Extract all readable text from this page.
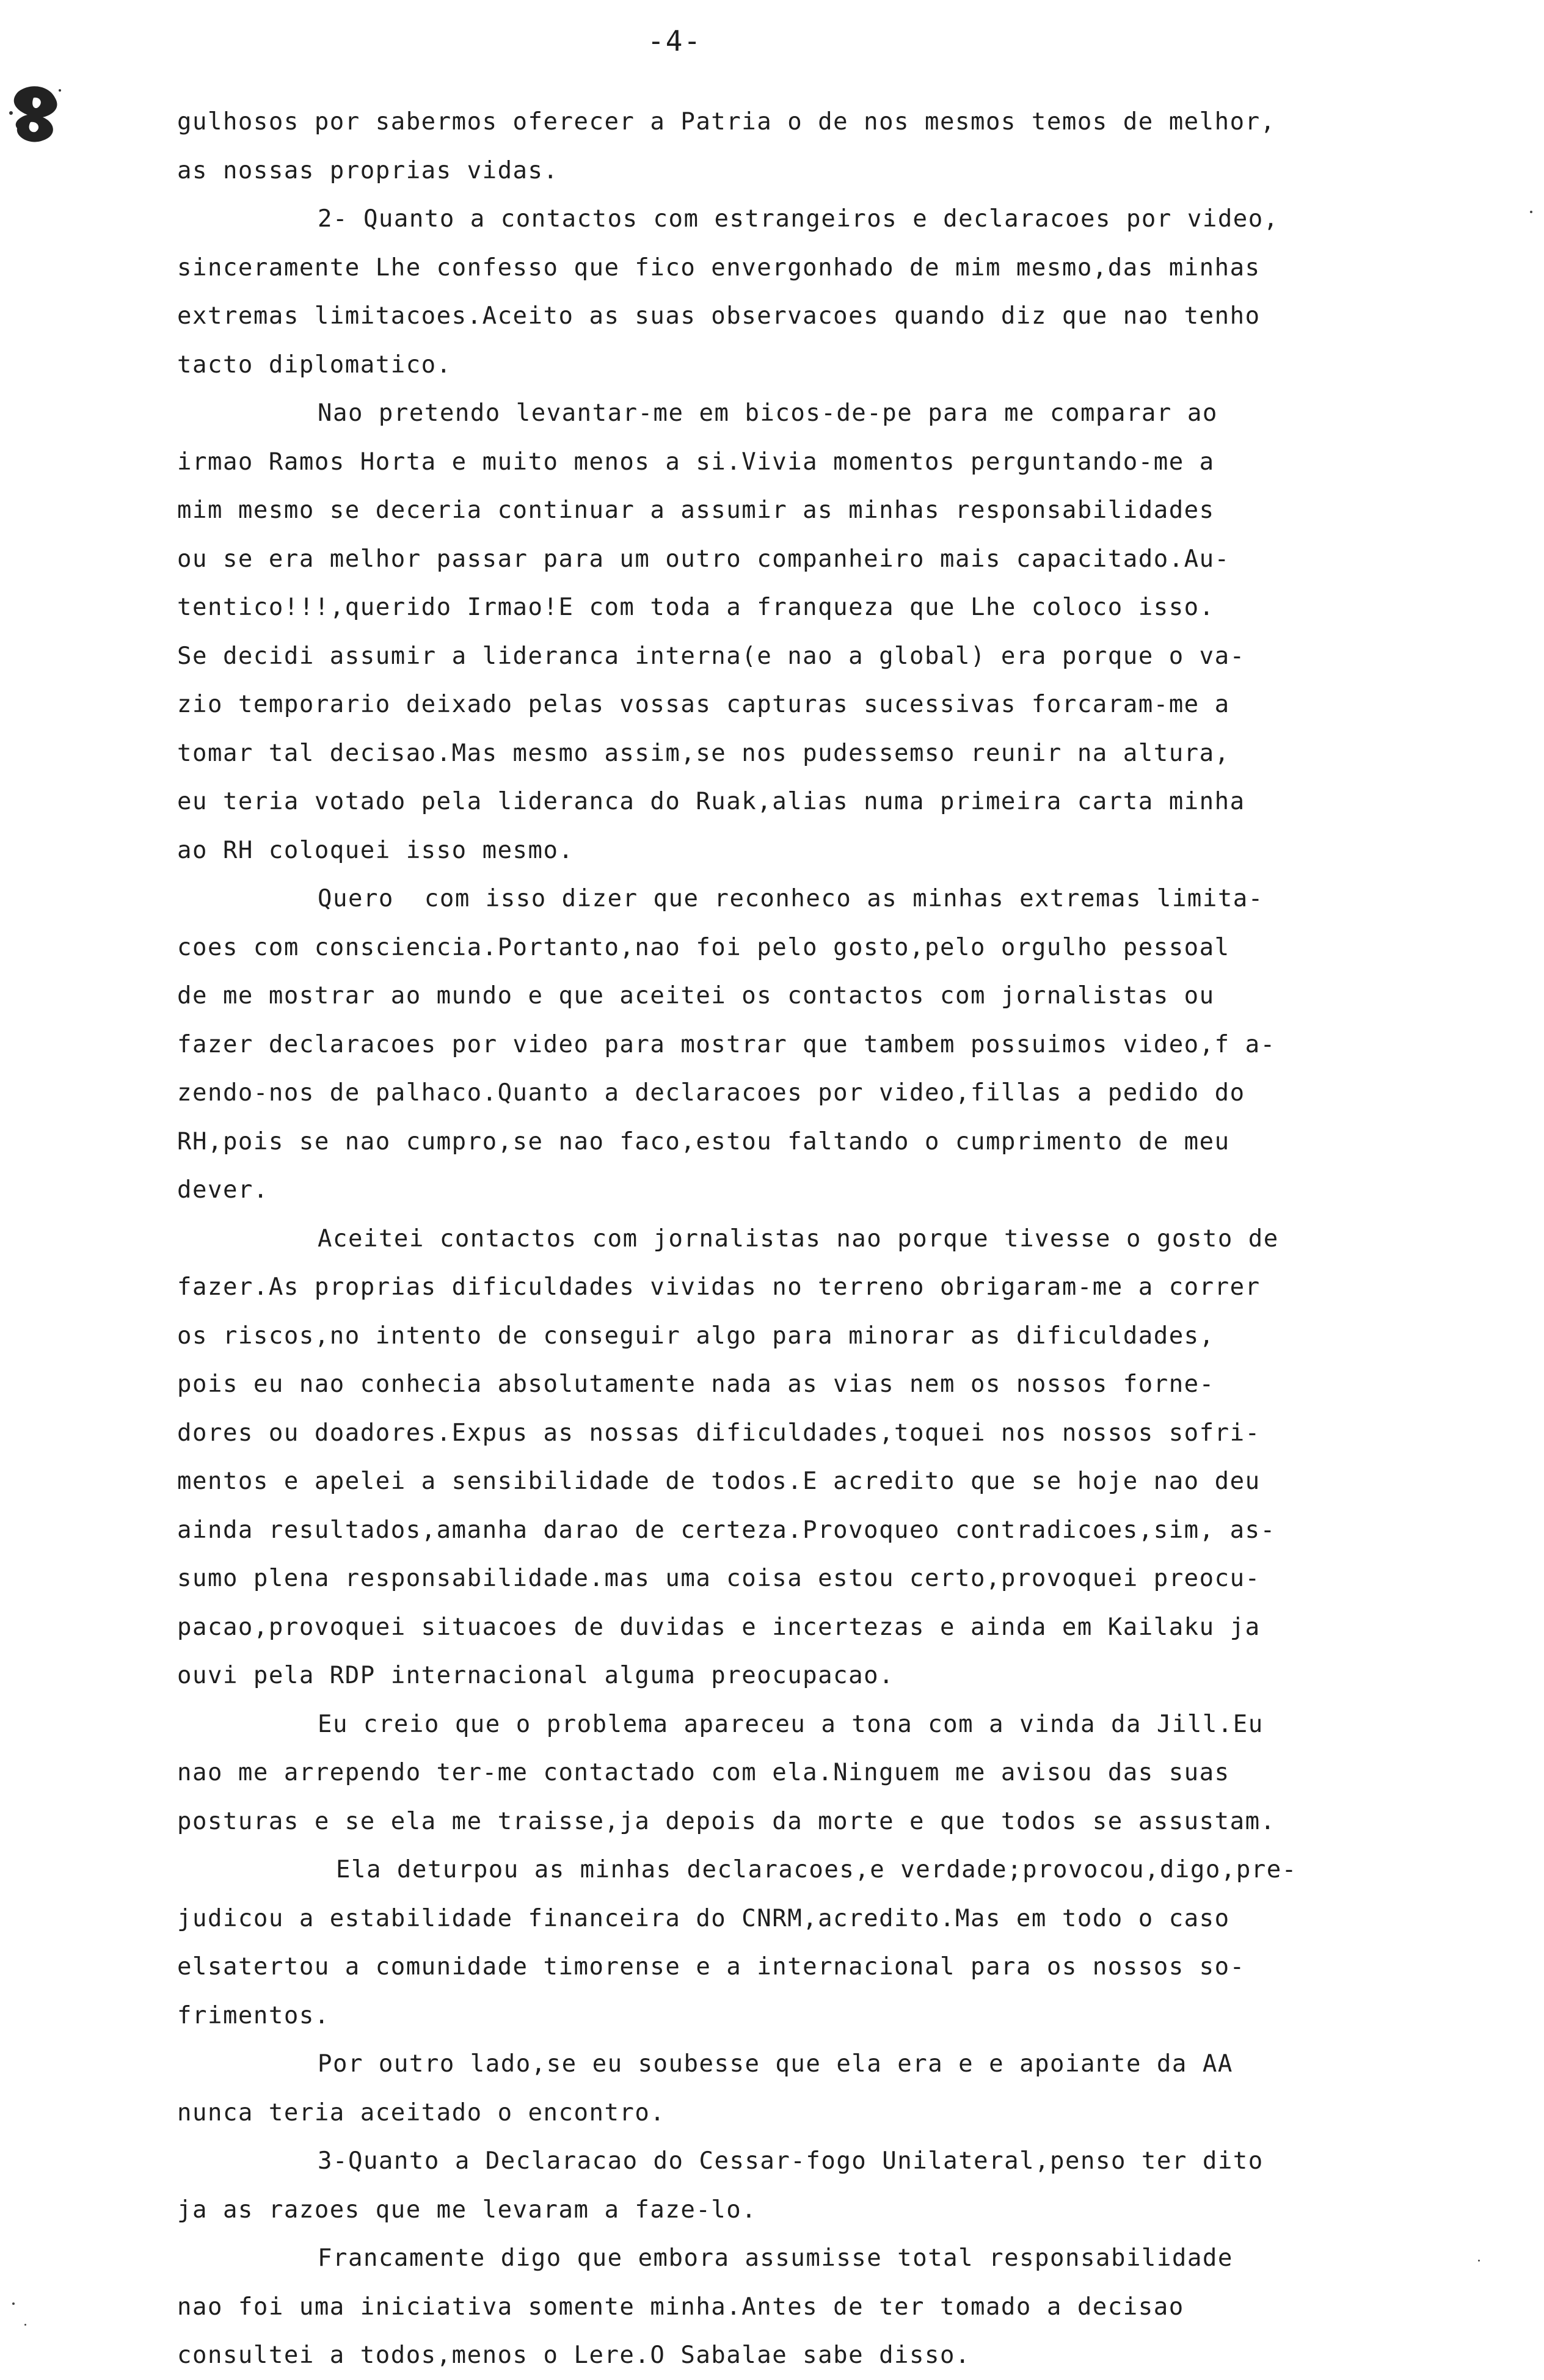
-4-
gulhosos por sabermos oferecer a Patria o de nos mesmos temos de melhor,
as nossas proprias vidas.
2- Quanto a contactos com estrangeiros e declaracoes por video,
sinceramente Lhe confesso que fico envergonhado de mim mesmo,das minhas
extremas limitacoes.Aceito as suas observacoes quando diz que nao tenho
tacto diplomatico.
Nao pretendo levantar-me em bicos-de-pe para me comparar ao
irmao Ramos Horta e muito menos a si.Vivia momentos perguntando-me a
mim mesmo se deceria continuar a assumir as minhas responsabilidades
ou se era melhor passar para um outro companheiro mais capacitado.Au-
tentico!!!,querido Irmao!E com toda a franqueza que Lhe coloco isso.
Se decidi assumir a lideranca interna(e nao a global) era porque o va-
zio temporario deixado pelas vossas capturas sucessivas forcaram-me a
tomar tal decisao.Mas mesmo assim,se nos pudessemso reunir na altura,
eu teria votado pela lideranca do Ruak,alias numa primeira carta minha
ao RH coloquei isso mesmo.
Quero  com isso dizer que reconheco as minhas extremas limita-
coes com consciencia.Portanto,nao foi pelo gosto,pelo orgulho pessoal
de me mostrar ao mundo e que aceitei os contactos com jornalistas ou
fazer declaracoes por video para mostrar que tambem possuimos video,f a-
zendo-nos de palhaco.Quanto a declaracoes por video,fillas a pedido do
RH,pois se nao cumpro,se nao faco,estou faltando o cumprimento de meu
dever.
Aceitei contactos com jornalistas nao porque tivesse o gosto de
fazer.As proprias dificuldades vividas no terreno obrigaram-me a correr
os riscos,no intento de conseguir algo para minorar as dificuldades,
pois eu nao conhecia absolutamente nada as vias nem os nossos forne-
dores ou doadores.Expus as nossas dificuldades,toquei nos nossos sofri-
mentos e apelei a sensibilidade de todos.E acredito que se hoje nao deu
ainda resultados,amanha darao de certeza.Provoqueo contradicoes,sim, as-
sumo plena responsabilidade.mas uma coisa estou certo,provoquei preocu-
pacao,provoquei situacoes de duvidas e incertezas e ainda em Kailaku ja
ouvi pela RDP internacional alguma preocupacao.
Eu creio que o problema apareceu a tona com a vinda da Jill.Eu
nao me arrependo ter-me contactado com ela.Ninguem me avisou das suas
posturas e se ela me traisse,ja depois da morte e que todos se assustam.
Ela deturpou as minhas declaracoes,e verdade;provocou,digo,pre-
judicou a estabilidade financeira do CNRM,acredito.Mas em todo o caso
elsatertou a comunidade timorense e a internacional para os nossos so-
frimentos.
Por outro lado,se eu soubesse que ela era e e apoiante da AA
nunca teria aceitado o encontro.
3-Quanto a Declaracao do Cessar-fogo Unilateral,penso ter dito
ja as razoes que me levaram a faze-lo.
Francamente digo que embora assumisse total responsabilidade
nao foi uma iniciativa somente minha.Antes de ter tomado a decisao
consultei a todos,menos o Lere.O Sabalae sabe disso.
